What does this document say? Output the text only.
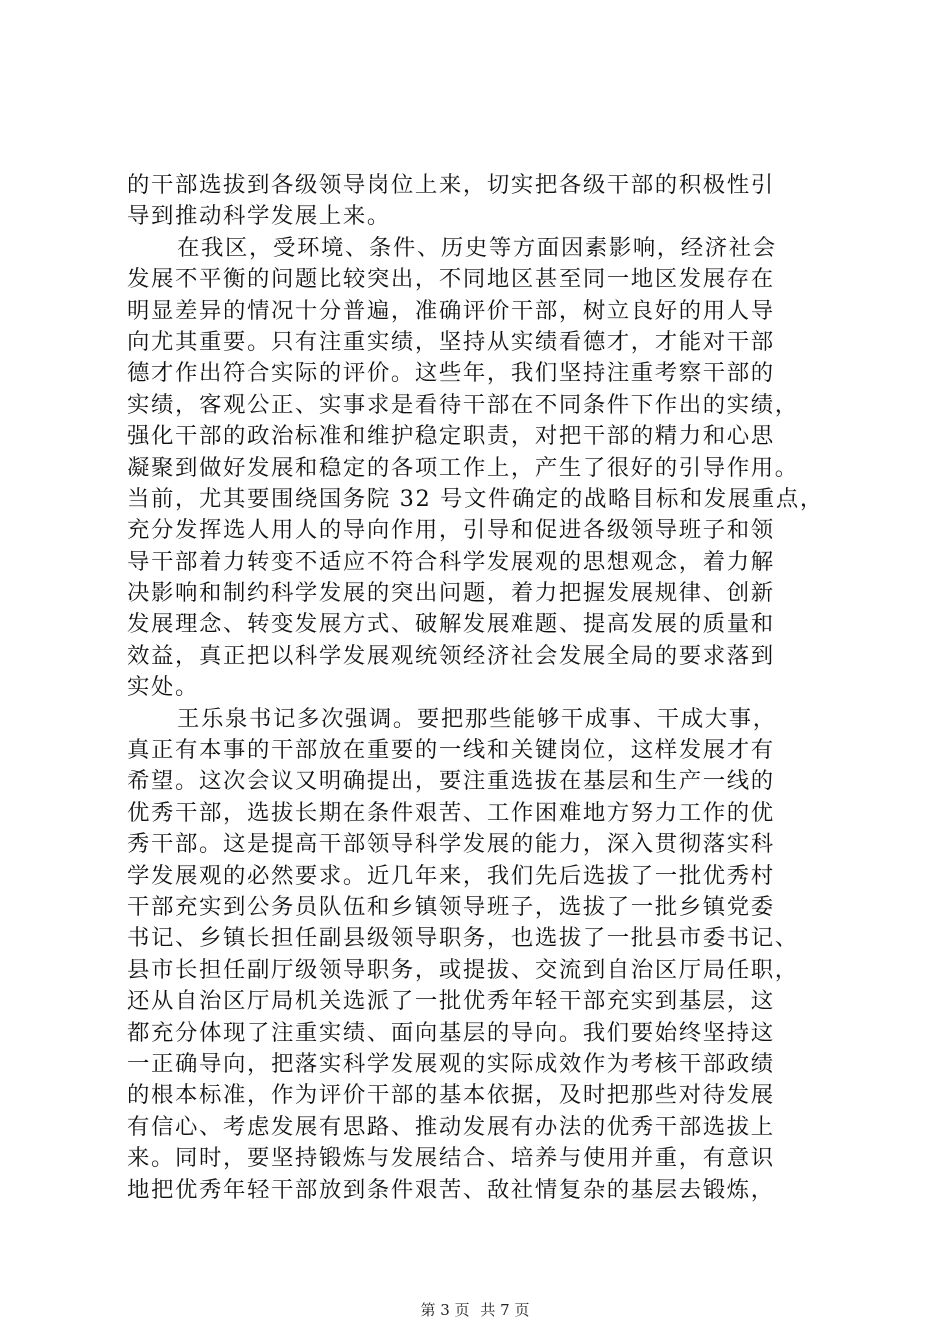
的干部选拔到各级领导岗位上来，切实把各级干部的积极性引
导到推动科学发展上来。
在我区，受环境、条件、历史等方面因素影响，经济社会
发展不平衡的问题比较突出，不同地区甚至同一地区发展存在
明显差异的情况十分普遍，准确评价干部，树立良好的用人导
向尤其重要。只有注重实绩，坚持从实绩看德才，才能对干部
德才作出符合实际的评价。这些年，我们坚持注重考察干部的
实绩，客观公正、实事求是看待干部在不同条件下作出的实绩，
强化干部的政治标准和维护稳定职责，对把干部的精力和心思
凝聚到做好发展和稳定的各项工作上，产生了很好的引导作用。
当前，尤其要围绕国务院 32 号文件确定的战略目标和发展重点，
充分发挥选人用人的导向作用，引导和促进各级领导班子和领
导干部着力转变不适应不符合科学发展观的思想观念，着力解
决影响和制约科学发展的突出问题，着力把握发展规律、创新
发展理念、转变发展方式、破解发展难题、提高发展的质量和
效益，真正把以科学发展观统领经济社会发展全局的要求落到
实处。
王乐泉书记多次强调。要把那些能够干成事、干成大事，
真正有本事的干部放在重要的一线和关键岗位，这样发展才有
希望。这次会议又明确提出，要注重选拔在基层和生产一线的
优秀干部，选拔长期在条件艰苦、工作困难地方努力工作的优
秀干部。这是提高干部领导科学发展的能力，深入贯彻落实科
学发展观的必然要求。近几年来，我们先后选拔了一批优秀村
干部充实到公务员队伍和乡镇领导班子，选拔了一批乡镇党委
书记、乡镇长担任副县级领导职务，也选拔了一批县市委书记、
县市长担任副厅级领导职务，或提拔、交流到自治区厅局任职，
还从自治区厅局机关选派了一批优秀年轻干部充实到基层，这
都充分体现了注重实绩、面向基层的导向。我们要始终坚持这
一正确导向，把落实科学发展观的实际成效作为考核干部政绩
的根本标准，作为评价干部的基本依据，及时把那些对待发展
有信心、考虑发展有思路、推动发展有办法的优秀干部选拔上
来。同时，要坚持锻炼与发展结合、培养与使用并重，有意识
地把优秀年轻干部放到条件艰苦、敌社情复杂的基层去锻炼，
第 3 页 共 7 页
